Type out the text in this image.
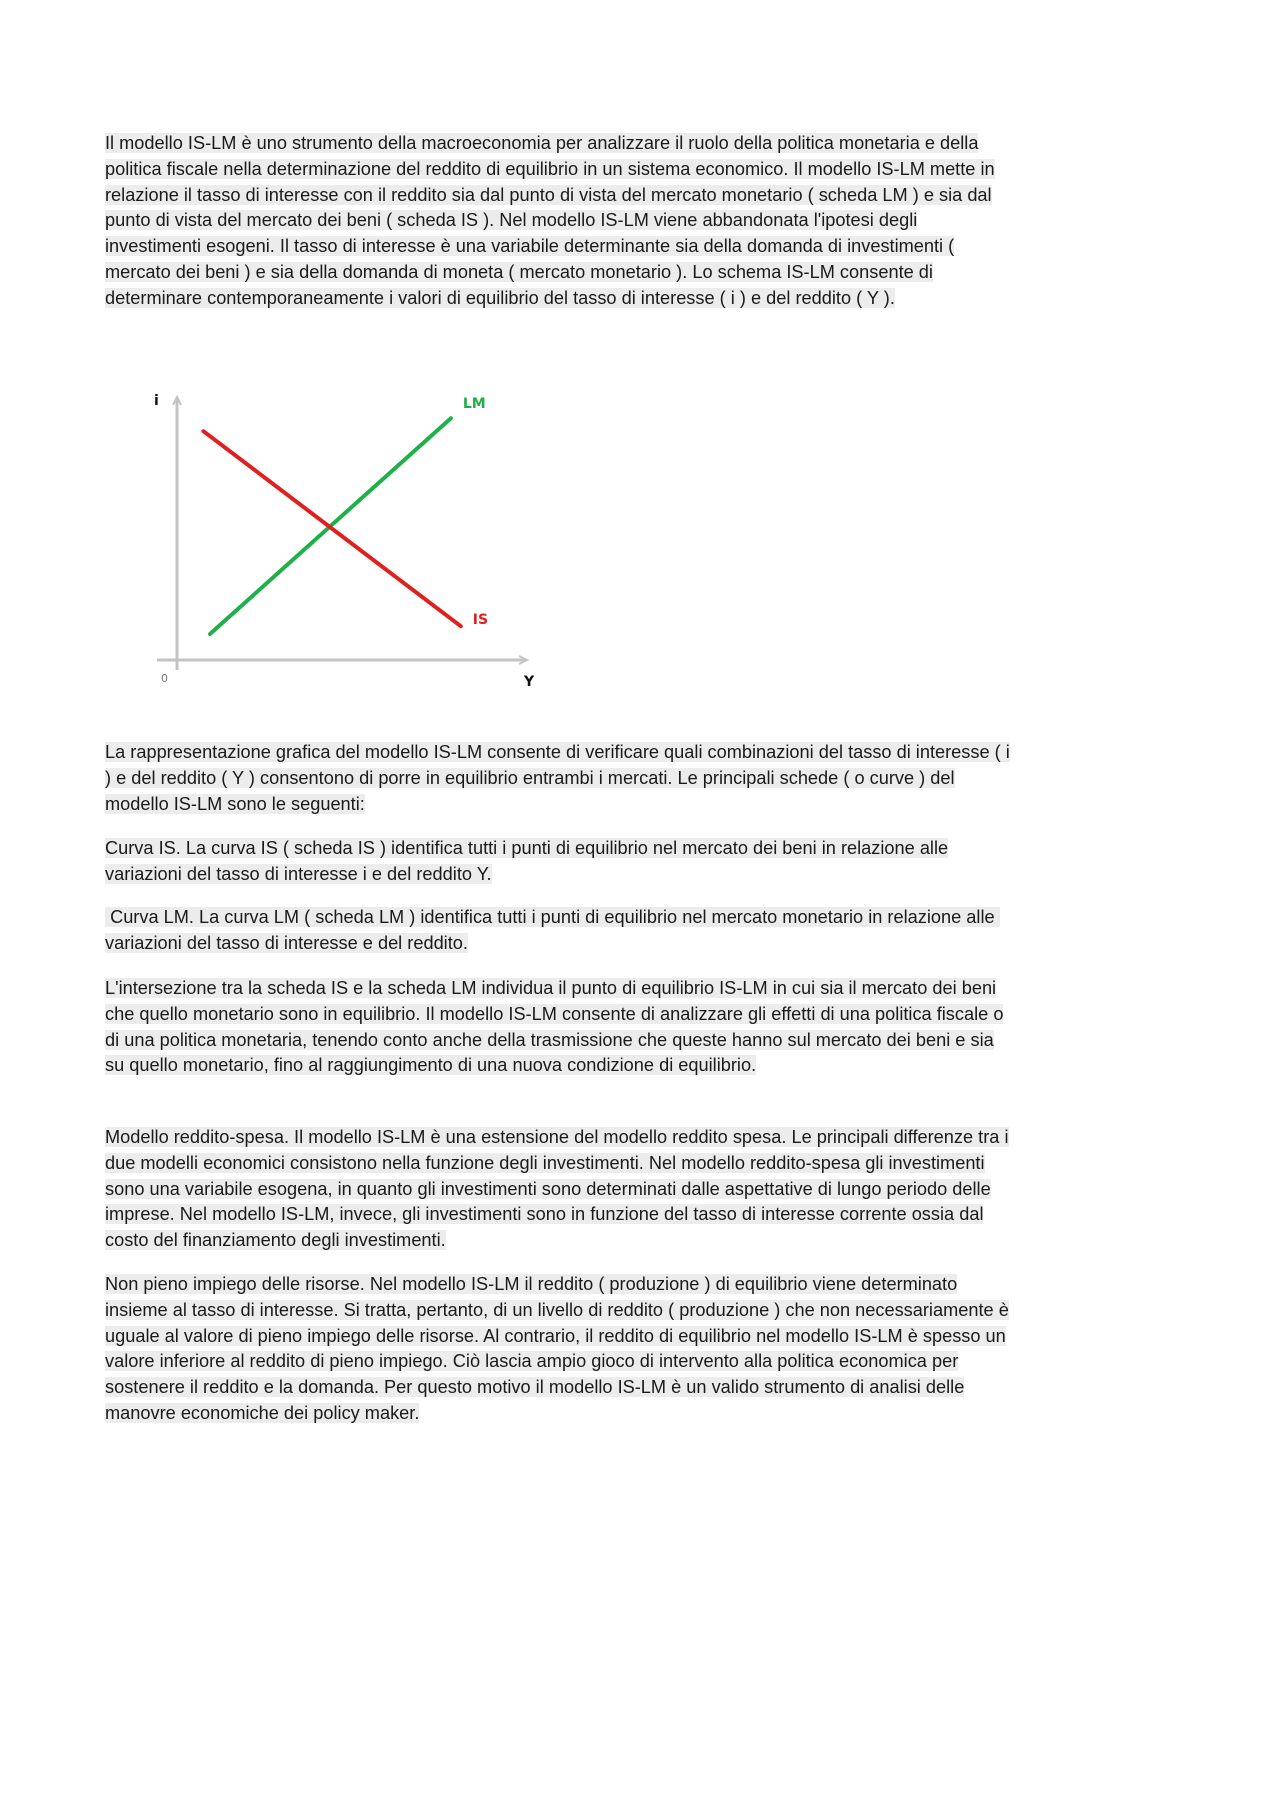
Il modello IS-LM è uno strumento della macroeconomia per analizzare il ruolo della politica monetaria e della politica fiscale nella determinazione del reddito di equilibrio in un sistema economico. Il modello IS-LM mette in relazione il tasso di interesse con il reddito sia dal punto di vista del mercato monetario ( scheda LM ) e sia dal punto di vista del mercato dei beni ( scheda IS ). Nel modello IS-LM viene abbandonata l'ipotesi degli investimenti esogeni. Il tasso di interesse è una variabile determinante sia della domanda di investimenti ( mercato dei beni ) e sia della domanda di moneta ( mercato monetario ). Lo schema IS-LM consente di determinare contemporaneamente i valori di equilibrio del tasso di interesse ( i ) e del reddito ( Y ).

i
Y
0
LM
IS

La rappresentazione grafica del modello IS-LM consente di verificare quali combinazioni del tasso di interesse ( i ) e del reddito ( Y ) consentono di porre in equilibrio entrambi i mercati. Le principali schede ( o curve ) del modello IS-LM sono le seguenti:

Curva IS. La curva IS ( scheda IS ) identifica tutti i punti di equilibrio nel mercato dei beni in relazione alle variazioni del tasso di interesse i e del reddito Y.

Curva LM. La curva LM ( scheda LM ) identifica tutti i punti di equilibrio nel mercato monetario in relazione alle variazioni del tasso di interesse e del reddito.

L'intersezione tra la scheda IS e la scheda LM individua il punto di equilibrio IS-LM in cui sia il mercato dei beni che quello monetario sono in equilibrio. Il modello IS-LM consente di analizzare gli effetti di una politica fiscale o di una politica monetaria, tenendo conto anche della trasmissione che queste hanno sul mercato dei beni e sia su quello monetario, fino al raggiungimento di una nuova condizione di equilibrio.

Modello reddito-spesa. Il modello IS-LM è una estensione del modello reddito spesa. Le principali differenze tra i due modelli economici consistono nella funzione degli investimenti. Nel modello reddito-spesa gli investimenti sono una variabile esogena, in quanto gli investimenti sono determinati dalle aspettative di lungo periodo delle imprese. Nel modello IS-LM, invece, gli investimenti sono in funzione del tasso di interesse corrente ossia dal costo del finanziamento degli investimenti.

Non pieno impiego delle risorse. Nel modello IS-LM il reddito ( produzione ) di equilibrio viene determinato insieme al tasso di interesse. Si tratta, pertanto, di un livello di reddito ( produzione ) che non necessariamente è uguale al valore di pieno impiego delle risorse. Al contrario, il reddito di equilibrio nel modello IS-LM è spesso un valore inferiore al reddito di pieno impiego. Ciò lascia ampio gioco di intervento alla politica economica per sostenere il reddito e la domanda. Per questo motivo il modello IS-LM è un valido strumento di analisi delle manovre economiche dei policy maker.
